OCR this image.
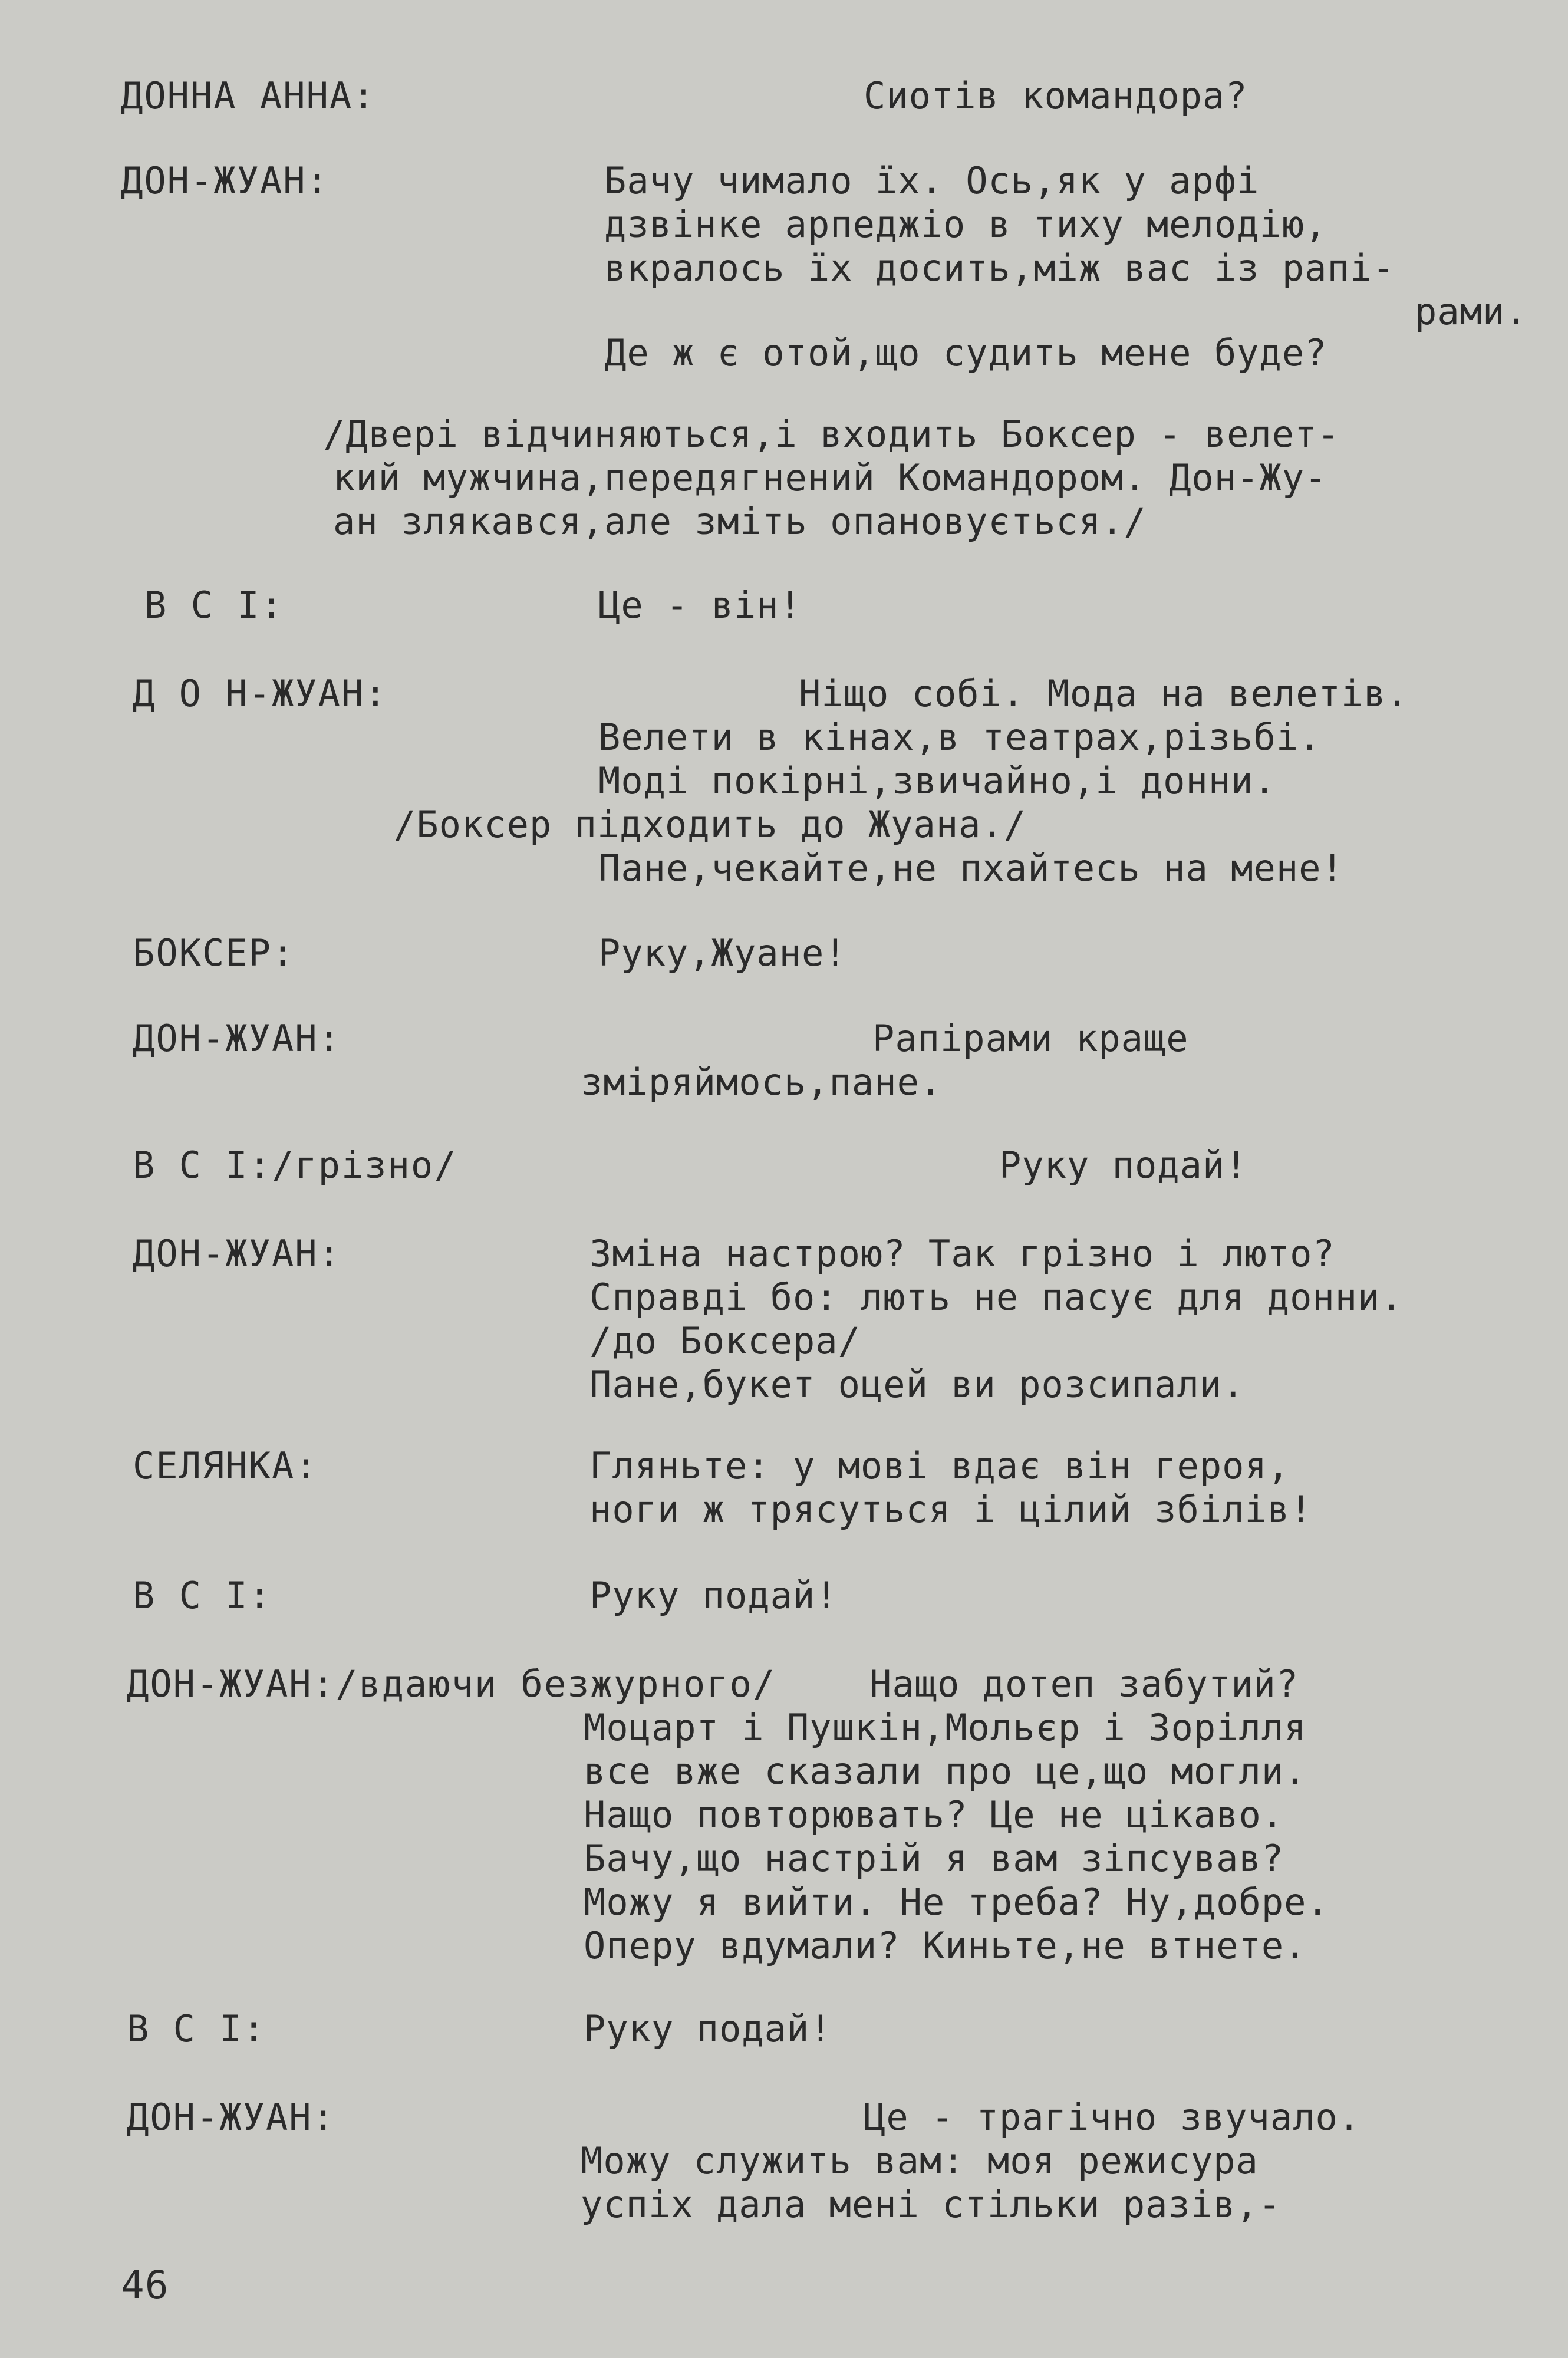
ДОННА АННА:	Сиотів командора?
ДОН-ЖУАН:	Бачу чимало їх. Ось,як у арфі
дзвінке арпеджіо в тиху мелодію,
вкралось їх досить,між вас із рапі-
рами.
Де ж є отой,що судить мене буде?
/Двері відчиняються,і входить Боксер - велет-
кий мужчина,передягнений Командором. Дон-Жу-
ан злякався,але зміть опановується./
В С І:	Це - він!
Д О Н-ЖУАН:	Ніщо собі. Мода на велетів.
Велети в кінах,в театрах,різьбі.
Моді покірні,звичайно,і донни.
/Боксер підходить до Жуана./
Пане,чекайте,не пхайтесь на мене!
БОКСЕР:	Руку,Жуане!
ДОН-ЖУАН:	Рапірами краще
зміряймось,пане.
В С І:/грізно/	Руку подай!
ДОН-ЖУАН:	Зміна настрою? Так грізно і люто?
Справді бо: лють не пасує для донни.
/до Боксера/
Пане,букет оцей ви розсипали.
СЕЛЯНКА:	Гляньте: у мові вдає він героя,
ноги ж трясуться і цілий збілів!
В С І:	Руку подай!
ДОН-ЖУАН:/вдаючи безжурного/	Нащо дотеп забутий?
Моцарт і Пушкін,Мольєр і Зорілля
все вже сказали про це,що могли.
Нащо повторювать? Це не цікаво.
Бачу,що настрій я вам зіпсував?
Можу я вийти. Не треба? Ну,добре.
Оперу вдумали? Киньте,не втнете.
В С І:	Руку подай!
ДОН-ЖУАН:	Це - трагічно звучало.
Можу служить вам: моя режисура
успіх дала мені стільки разів,-
46
